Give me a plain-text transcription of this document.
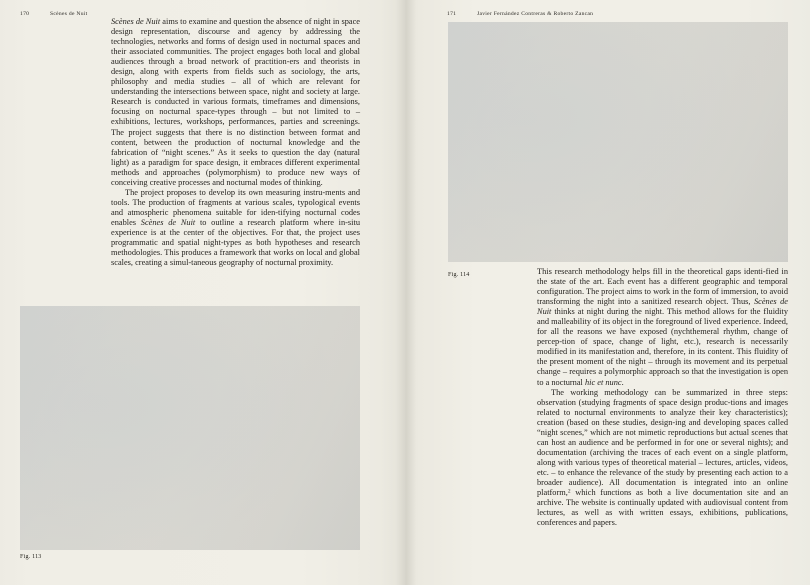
170	Scènes de Nuit	171	Javier Fernández Contreras & Roberto Zancan

Scènes de Nuit aims to examine and question the absence of night in space design representation, discourse and agency by addressing the technologies, networks and forms of design used in nocturnal spaces and their associated communities. The project engages both local and global audiences through a broad network of practition-ers and theorists in design, along with experts from fields such as sociology, the arts, philosophy and media studies – all of which are relevant for understanding the intersections between space, night and society at large. Research is conducted in various formats, timeframes and dimensions, focusing on nocturnal space-types through – but not limited to – exhibitions, lectures, workshops, performances, parties and screenings. The project suggests that there is no distinction between format and content, between the production of nocturnal knowledge and the fabrication of “night scenes.” As it seeks to question the day (natural light) as a paradigm for space design, it embraces different experimental methods and approaches (polymorphism) to produce new ways of conceiving creative processes and nocturnal modes of thinking.

The project proposes to develop its own measuring instru-ments and tools. The production of fragments at various scales, typological events and atmospheric phenomena suitable for iden-tifying nocturnal codes enables Scènes de Nuit to outline a research platform where in-situ experience is at the center of the objectives. For that, the project uses programmatic and spatial night-types as both hypotheses and research methodologies. This produces a framework that works on local and global scales, creating a simul-taneous geography of nocturnal proximity.

Fig. 113
Fig. 114	This research methodology helps fill in the theoretical gaps identi-fied in the state of the art. Each event has a different geographic and temporal configuration. The project aims to work in the form of immersion, to avoid transforming the night into a sanitized research object. Thus, Scènes de Nuit thinks at night during the night. This method allows for the fluidity and malleability of its object in the foreground of lived experience. Indeed, for all the reasons we have exposed (nychthemeral rhythm, change of percep-tion of space, change of light, etc.), research is necessarily modified in its manifestation and, therefore, in its content. This fluidity of the present moment of the night – through its movement and its perpetual change – requires a polymorphic approach so that the investigation is open to a nocturnal hic et nunc.

The working methodology can be summarized in three steps: observation (studying fragments of space design produc-tions and images related to nocturnal environments to analyze their key characteristics); creation (based on these studies, design-ing and developing spaces called “night scenes,” which are not mimetic reproductions but actual scenes that can host an audience and be performed in for one or several nights); and documentation (archiving the traces of each event on a single platform, along with various types of theoretical material – lectures, articles, videos, etc. – to enhance the relevance of the study by presenting each action to a broader audience). All documentation is integrated into an online platform,$^2$ which functions as both a live documentation site and an archive. The website is continually updated with audiovisual content from lectures, as well as with written essays, exhibitions, publications, conferences and papers.
